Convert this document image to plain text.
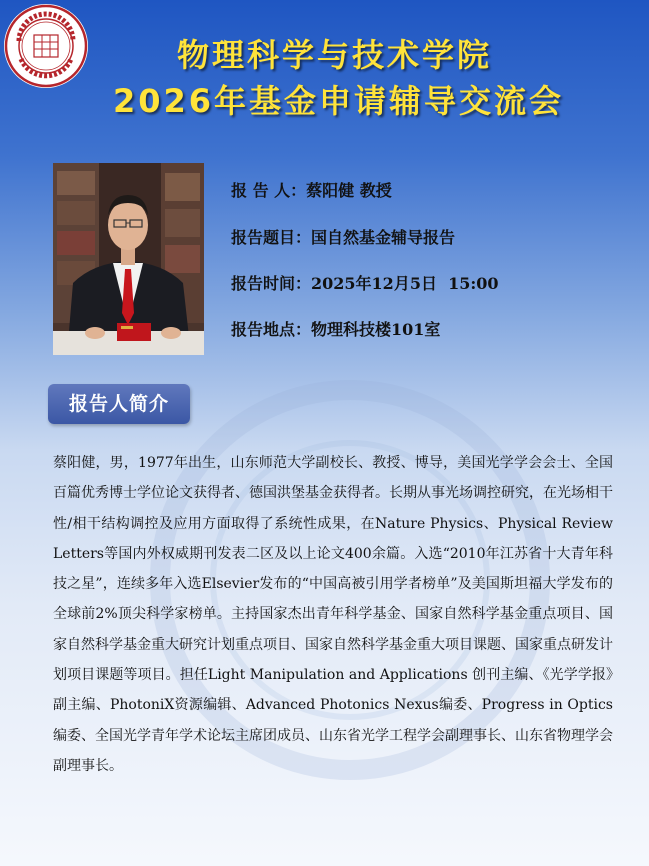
物理科学与技术学院
2026年基金申请辅导交流会
报 告 人：蔡阳健 教授
报告题目：国自然基金辅导报告
报告时间：2025年12月5日  15:00
报告地点：物理科技楼101室
报告人简介
蔡阳健，男，1977年出生，山东师范大学副校长、教授、博导，美国光学学会会士、全国百篇优秀博士学位论文获得者、德国洪堡基金获得者。长期从事光场调控研究，在光场相干性/相干结构调控及应用方面取得了系统性成果，在Nature Physics、Physical Review Letters等国内外权威期刊发表二区及以上论文400余篇。入选“2010年江苏省十大青年科技之星”，连续多年入选Elsevier发布的“中国高被引用学者榜单”及美国斯坦福大学发布的全球前2%顶尖科学家榜单。主持国家杰出青年科学基金、国家自然科学基金重点项目、国家自然科学基金重大研究计划重点项目、国家自然科学基金重大项目课题、国家重点研发计划项目课题等项目。担任Light Manipulation and Applications 创刊主编、《光学学报》副主编、PhotoniX资源编辑、Advanced Photonics Nexus编委、Progress in Optics编委、全国光学青年学术论坛主席团成员、山东省光学工程学会副理事长、山东省物理学会副理事长。
